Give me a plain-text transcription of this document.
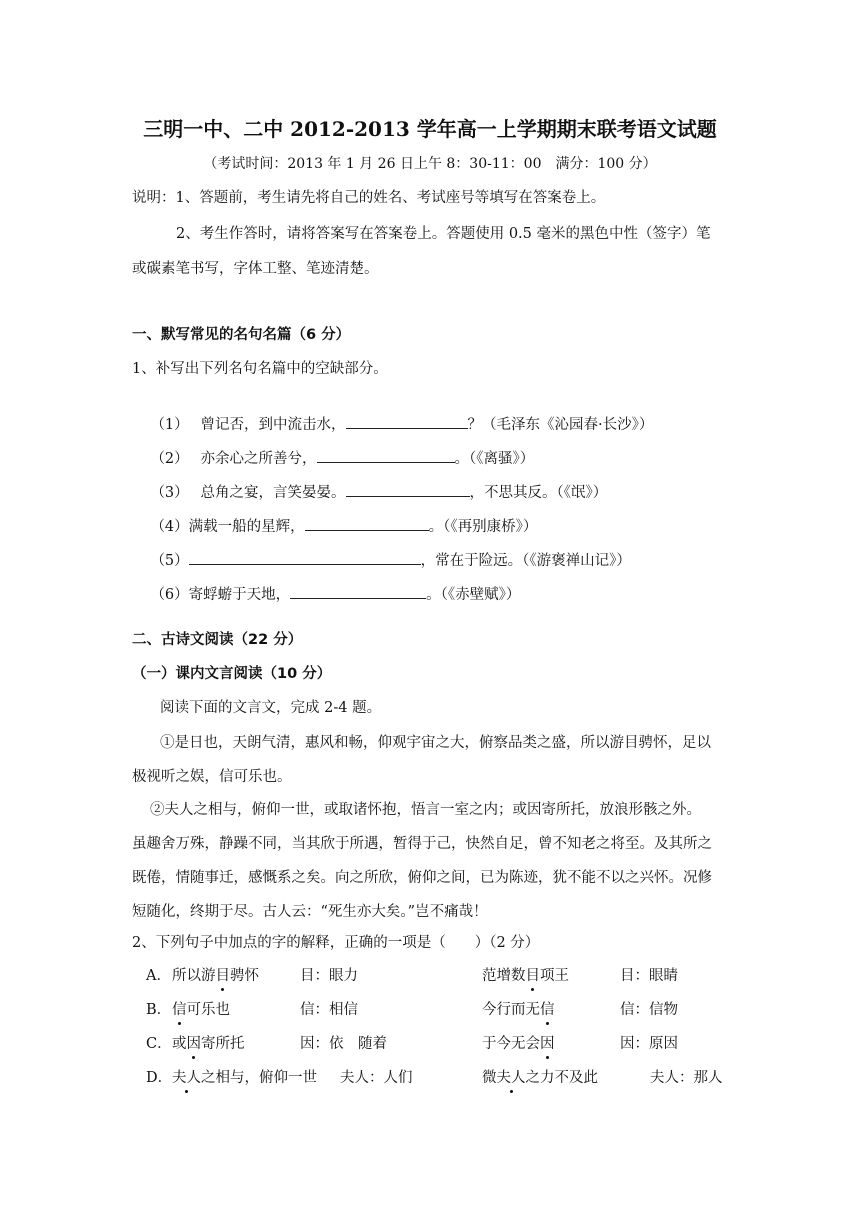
三明一中、二中 2012-2013 学年高一上学期期末联考语文试题
（考试时间：2013 年 1 月 26 日上午 8：30-11：00　满分：100 分）
说明：1、答题前，考生请先将自己的姓名、考试座号等填写在答案卷上。
2、考生作答时，请将答案写在答案卷上。答题使用 0.5 毫米的黑色中性（签字）笔
或碳素笔书写，字体工整、笔迹清楚。
一、默写常见的名句名篇（6 分）
1、补写出下列名句名篇中的空缺部分。

（1）　 曾记否，到中流击水，	？（毛泽东《沁园春·长沙》）

（2）　 亦余心之所善兮，	。（《离骚》）

（3）　 总角之宴，言笑晏晏。	，不思其反。（《氓》）

（4）满载一船的星辉，	。（《再别康桥》）

（5）	，常在于险远。（《游褒禅山记》）

（6）寄蜉蝣于天地，	。（《赤壁赋》）

二、古诗文阅读（22 分）
（一）课内文言阅读（10 分）
阅读下面的文言文，完成 2-4 题。
①是日也，天朗气清，惠风和畅，仰观宇宙之大，俯察品类之盛，所以游目骋怀，足以
极视听之娱，信可乐也。
②夫人之相与，俯仰一世，或取诸怀抱，悟言一室之内；或因寄所托，放浪形骸之外。
虽趣舍万殊，静躁不同，当其欣于所遇，暂得于己，快然自足，曾不知老之将至。及其所之
既倦，情随事迁，感慨系之矣。向之所欣，俯仰之间，已为陈迹，犹不能不以之兴怀。况修
短随化，终期于尽。古人云：“死生亦大矣。”岂不痛哉！
2、下列句子中加点的字的解释，正确的一项是（　　）（2 分）
A． 所以游目骋怀	目：眼力	范增数目项王	目：眼睛
B． 信可乐也	信：相信	今行而无信	信：信物
C． 或因寄所托	因：依　随着	于今无会因	因：原因
D． 夫人之相与，俯仰一世 夫人：人们	微夫人之力不及此	夫人：那人
